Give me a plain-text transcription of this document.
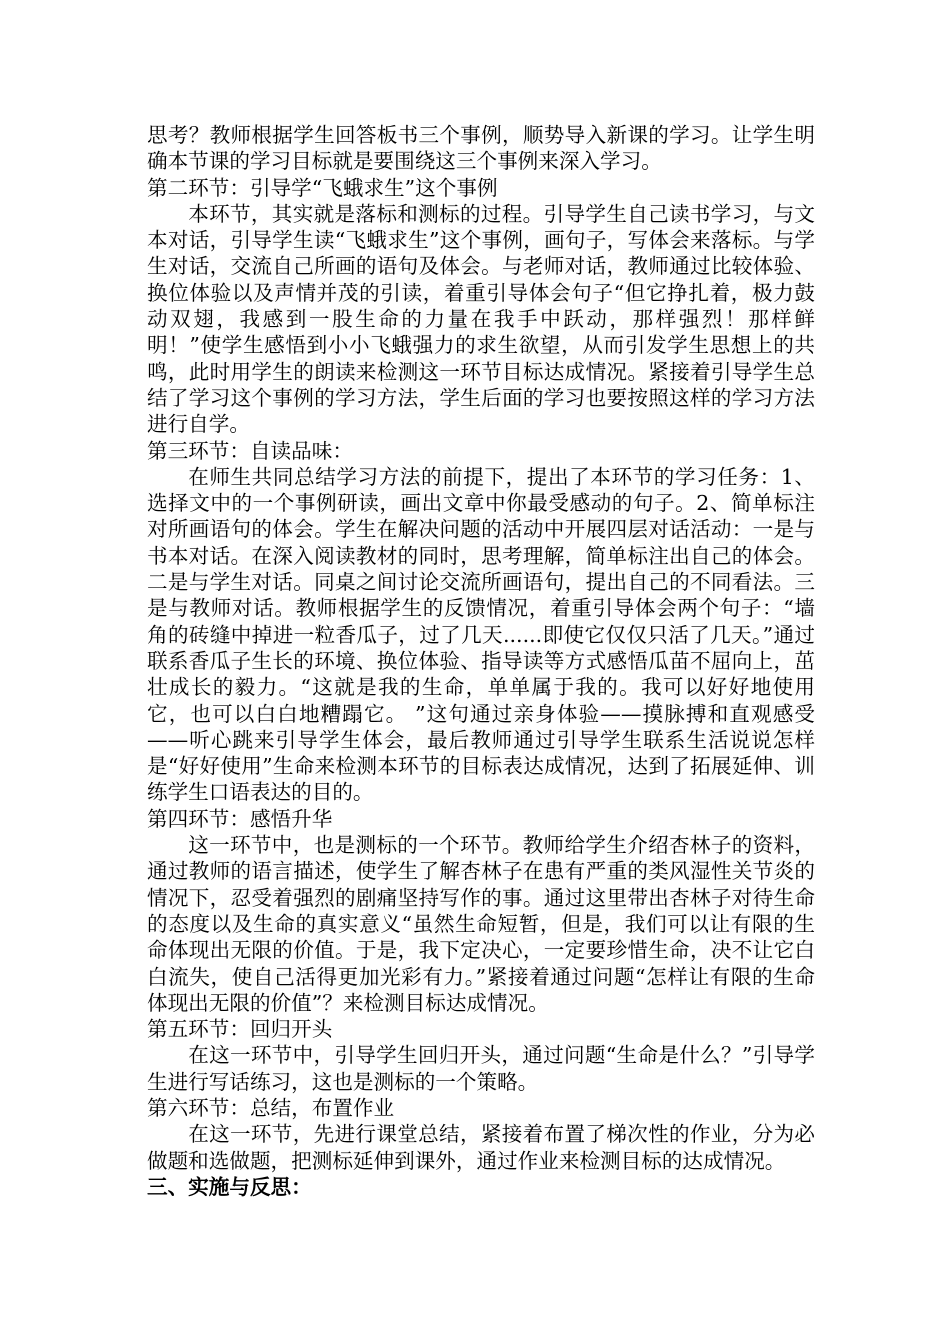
思考？教师根据学生回答板书三个事例，顺势导入新课的学习。让学生明确本节课的学习目标就是要围绕这三个事例来深入学习。

第二环节：引导学“飞蛾求生”这个事例

本环节，其实就是落标和测标的过程。引导学生自己读书学习，与文本对话，引导学生读“飞蛾求生”这个事例，画句子，写体会来落标。与学生对话，交流自己所画的语句及体会。与老师对话，教师通过比较体验、换位体验以及声情并茂的引读，着重引导体会句子“但它挣扎着，极力鼓动双翅，我感到一股生命的力量在我手中跃动，那样强烈！那样鲜明！”使学生感悟到小小飞蛾强力的求生欲望，从而引发学生思想上的共鸣，此时用学生的朗读来检测这一环节目标达成情况。紧接着引导学生总结了学习这个事例的学习方法，学生后面的学习也要按照这样的学习方法进行自学。

第三环节：自读品味：

在师生共同总结学习方法的前提下，提出了本环节的学习任务：1、选择文中的一个事例研读，画出文章中你最受感动的句子。2、简单标注对所画语句的体会。学生在解决问题的活动中开展四层对话活动：一是与书本对话。在深入阅读教材的同时，思考理解，简单标注出自己的体会。二是与学生对话。同桌之间讨论交流所画语句，提出自己的不同看法。三是与教师对话。教师根据学生的反馈情况，着重引导体会两个句子：“墙角的砖缝中掉进一粒香瓜子，过了几天......即使它仅仅只活了几天。”通过联系香瓜子生长的环境、换位体验、指导读等方式感悟瓜苗不屈向上，茁壮成长的毅力。“这就是我的生命，单单属于我的。我可以好好地使用它，也可以白白地糟蹋它。 ”这句通过亲身体验——摸脉搏和直观感受——听心跳来引导学生体会，最后教师通过引导学生联系生活说说怎样是“好好使用”生命来检测本环节的目标表达成情况，达到了拓展延伸、训练学生口语表达的目的。

第四环节：感悟升华

这一环节中，也是测标的一个环节。教师给学生介绍杏林子的资料，通过教师的语言描述，使学生了解杏林子在患有严重的类风湿性关节炎的情况下，忍受着强烈的剧痛坚持写作的事。通过这里带出杏林子对待生命的态度以及生命的真实意义“虽然生命短暂，但是，我们可以让有限的生命体现出无限的价值。于是，我下定决心，一定要珍惜生命，决不让它白白流失，使自己活得更加光彩有力。”紧接着通过问题“怎样让有限的生命体现出无限的价值”？来检测目标达成情况。

第五环节：回归开头

在这一环节中，引导学生回归开头，通过问题“生命是什么？”引导学生进行写话练习，这也是测标的一个策略。

第六环节：总结，布置作业

在这一环节，先进行课堂总结，紧接着布置了梯次性的作业，分为必做题和选做题，把测标延伸到课外，通过作业来检测目标的达成情况。

三、实施与反思：
